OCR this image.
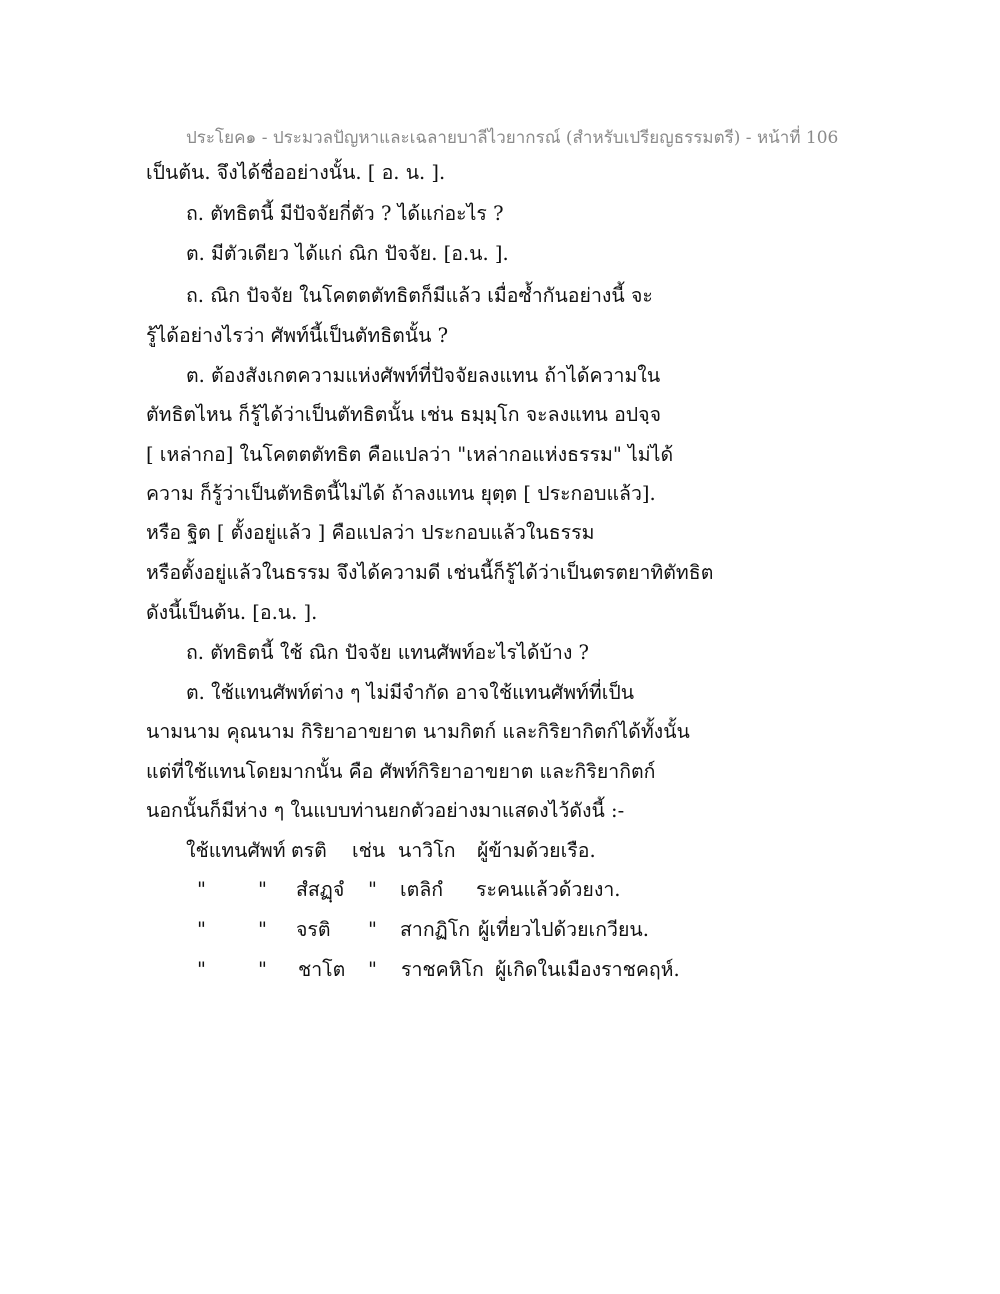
ประโยค๑ - ประมวลปัญหาและเฉลายบาลีไวยากรณ์ (สำหรับเปรียญธรรมตรี) - หน้าที่ 106
เป็นต้น. จึงได้ชื่ออย่างนั้น. [ อ. น. ].
ถ. ตัทธิตนี้ มีปัจจัยกี่ตัว ? ได้แก่อะไร ?
ต. มีตัวเดียว ได้แก่ ณิก ปัจจัย. [อ.น. ].
ถ. ณิก ปัจจัย ในโคตตตัทธิตก็มีแล้ว เมื่อซ้ำกันอย่างนี้ จะ
รู้ได้อย่างไรว่า ศัพท์นี้เป็นตัทธิตนั้น ?
ต. ต้องสังเกตความแห่งศัพท์ที่ปัจจัยลงแทน ถ้าได้ความใน
ตัทธิตไหน ก็รู้ได้ว่าเป็นตัทธิตนั้น เช่น ธมฺมฺโก จะลงแทน อปจฺจ
[ เหล่ากอ] ในโคตตตัทธิต คือแปลว่า "เหล่ากอแห่งธรรม" ไม่ได้
ความ ก็รู้ว่าเป็นตัทธิตนี้ไม่ได้ ถ้าลงแทน ยุตฺต [ ประกอบแล้ว].
หรือ ฐิต [ ตั้งอยู่แล้ว ] คือแปลว่า ประกอบแล้วในธรรม
หรือตั้งอยู่แล้วในธรรม จึงได้ความดี เช่นนี้ก็รู้ได้ว่าเป็นตรตยาทิตัทธิต
ดังนี้เป็นต้น. [อ.น. ].
ถ. ตัทธิตนี้ ใช้ ณิก ปัจจัย แทนศัพท์อะไรได้บ้าง ?
ต. ใช้แทนศัพท์ต่าง ๆ ไม่มีจำกัด อาจใช้แทนศัพท์ที่เป็น
นามนาม คุณนาม กิริยาอาขยาต นามกิตก์ และกิริยากิตก์ได้ทั้งนั้น
แต่ที่ใช้แทนโดยมากนั้น คือ ศัพท์กิริยาอาขยาต และกิริยากิตก์
นอกนั้นก็มีห่าง ๆ ในแบบท่านยกตัวอย่างมาแสดงไว้ดังนี้ :-
ใช้แทนศัพท์ ตรติ เช่น นาวิโก ผู้ข้ามด้วยเรือ.
"	" สํสฏฺจํ " เตลิกํ ระคนแล้วด้วยงา.
"	" จรติ " สากฏิโก ผู้เที่ยวไปด้วยเกวียน.
"	" ชาโต " ราชคหิโก ผู้เกิดในเมืองราชคฤห์.
